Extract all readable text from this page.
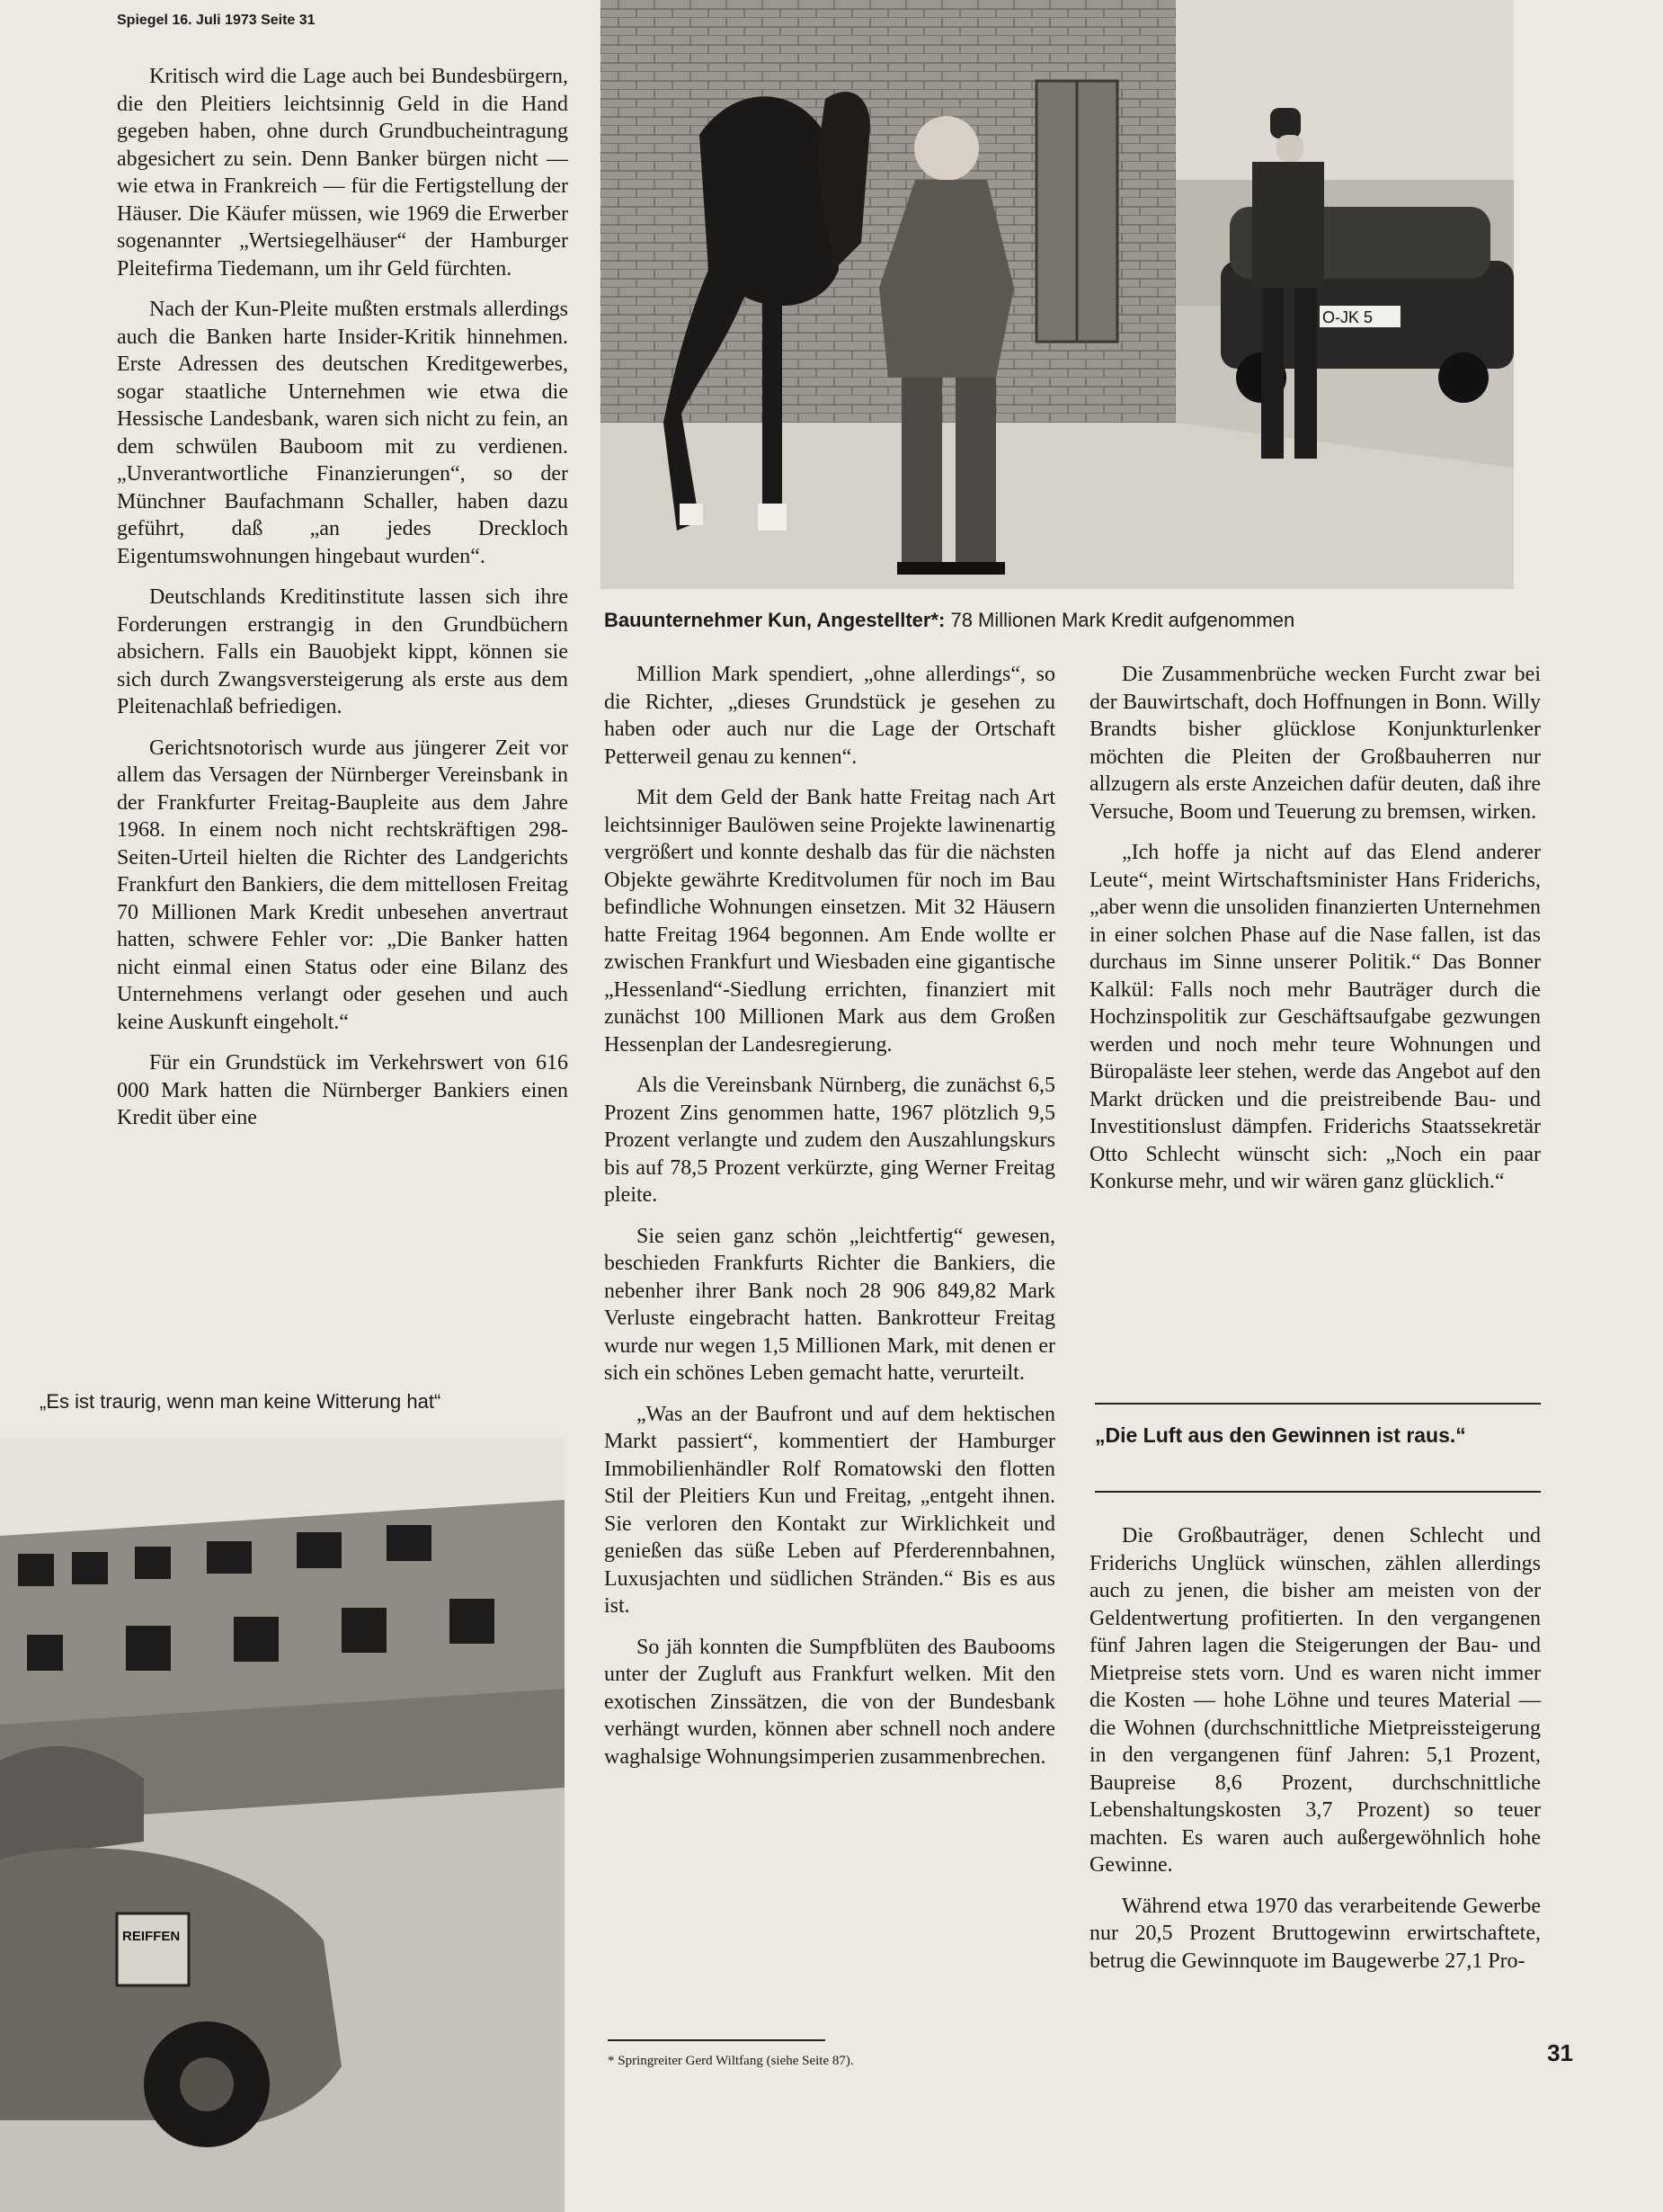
Spiegel 16. Juli 1973 Seite 31
O-JK 5
Bauunternehmer Kun, Angestellter*: 78 Millionen Mark Kredit aufgenommen

Kritisch wird die Lage auch bei Bundesbürgern, die den Pleitiers leichtsinnig Geld in die Hand gegeben haben, ohne durch Grundbucheintragung abgesichert zu sein. Denn Banker bürgen nicht — wie etwa in Frankreich — für die Fertigstellung der Häuser. Die Käufer müssen, wie 1969 die Erwerber sogenannter „Wertsiegelhäuser“ der Hamburger Pleitefirma Tiedemann, um ihr Geld fürchten.

Nach der Kun-Pleite mußten erstmals allerdings auch die Banken harte Insider-Kritik hinnehmen. Erste Adressen des deutschen Kreditgewerbes, sogar staatliche Unternehmen wie etwa die Hessische Landesbank, waren sich nicht zu fein, an dem schwülen Bauboom mit zu verdienen. „Unverantwortliche Finanzierungen“, so der Münchner Baufachmann Schaller, haben dazu geführt, daß „an jedes Dreckloch Eigentumswohnungen hingebaut wurden“.

Deutschlands Kreditinstitute lassen sich ihre Forderungen erstrangig in den Grundbüchern absichern. Falls ein Bauobjekt kippt, können sie sich durch Zwangsversteigerung als erste aus dem Pleitenachlaß befriedigen.

Gerichtsnotorisch wurde aus jüngerer Zeit vor allem das Versagen der Nürnberger Vereinsbank in der Frankfurter Freitag-Baupleite aus dem Jahre 1968. In einem noch nicht rechtskräftigen 298-Seiten-Urteil hielten die Richter des Landgerichts Frankfurt den Bankiers, die dem mittellosen Freitag 70 Millionen Mark Kredit unbesehen anvertraut hatten, schwere Fehler vor: „Die Banker hatten nicht einmal einen Status oder eine Bilanz des Unternehmens verlangt oder gesehen und auch keine Auskunft eingeholt.“

Für ein Grundstück im Verkehrswert von 616 000 Mark hatten die Nürnberger Bankiers einen Kredit über eine

„Es ist traurig, wenn man keine Witterung hat“
REIFFEN

Million Mark spendiert, „ohne allerdings“, so die Richter, „dieses Grundstück je gesehen zu haben oder auch nur die Lage der Ortschaft Petterweil genau zu kennen“.

Mit dem Geld der Bank hatte Freitag nach Art leichtsinniger Baulöwen seine Projekte lawinenartig vergrößert und konnte deshalb das für die nächsten Objekte gewährte Kreditvolumen für noch im Bau befindliche Wohnungen einsetzen. Mit 32 Häusern hatte Freitag 1964 begonnen. Am Ende wollte er zwischen Frankfurt und Wiesbaden eine gigantische „Hessenland“-Siedlung errichten, finanziert mit zunächst 100 Millionen Mark aus dem Großen Hessenplan der Landesregierung.

Als die Vereinsbank Nürnberg, die zunächst 6,5 Prozent Zins genommen hatte, 1967 plötzlich 9,5 Prozent verlangte und zudem den Auszahlungskurs bis auf 78,5 Prozent verkürzte, ging Werner Freitag pleite.

Sie seien ganz schön „leichtfertig“ gewesen, beschieden Frankfurts Richter die Bankiers, die nebenher ihrer Bank noch 28 906 849,82 Mark Verluste eingebracht hatten. Bankrotteur Freitag wurde nur wegen 1,5 Millionen Mark, mit denen er sich ein schönes Leben gemacht hatte, verurteilt.

„Was an der Baufront und auf dem hektischen Markt passiert“, kommentiert der Hamburger Immobilienhändler Rolf Romatowski den flotten Stil der Pleitiers Kun und Freitag, „entgeht ihnen. Sie verloren den Kontakt zur Wirklichkeit und genießen das süße Leben auf Pferderennbahnen, Luxusjachten und südlichen Stränden.“ Bis es aus ist.

So jäh konnten die Sumpfblüten des Baubooms unter der Zugluft aus Frankfurt welken. Mit den exotischen Zinssätzen, die von der Bundesbank verhängt wurden, können aber schnell noch andere waghalsige Wohnungsimperien zusammenbrechen.

* Springreiter Gerd Wiltfang (siehe Seite 87).

Die Zusammenbrüche wecken Furcht zwar bei der Bauwirtschaft, doch Hoffnungen in Bonn. Willy Brandts bisher glücklose Konjunkturlenker möchten die Pleiten der Großbauherren nur allzugern als erste Anzeichen dafür deuten, daß ihre Versuche, Boom und Teuerung zu bremsen, wirken.

„Ich hoffe ja nicht auf das Elend anderer Leute“, meint Wirtschaftsminister Hans Friderichs, „aber wenn die unsoliden finanzierten Unternehmen in einer solchen Phase auf die Nase fallen, ist das durchaus im Sinne unserer Politik.“ Das Bonner Kalkül: Falls noch mehr Bauträger durch die Hochzinspolitik zur Geschäftsaufgabe gezwungen werden und noch mehr teure Wohnungen und Büropaläste leer stehen, werde das Angebot auf den Markt drücken und die preistreibende Bau- und Investitionslust dämpfen. Friderichs Staatssekretär Otto Schlecht wünscht sich: „Noch ein paar Konkurse mehr, und wir wären ganz glücklich.“

„Die Luft aus den Gewinnen ist raus.“

Die Großbauträger, denen Schlecht und Friderichs Unglück wünschen, zählen allerdings auch zu jenen, die bisher am meisten von der Geldentwertung profitierten. In den vergangenen fünf Jahren lagen die Steigerungen der Bau- und Mietpreise stets vorn. Und es waren nicht immer die Kosten — hohe Löhne und teures Material — die Wohnen (durchschnittliche Mietpreissteigerung in den vergangenen fünf Jahren: 5,1 Prozent, Baupreise 8,6 Prozent, durchschnittliche Lebenshaltungskosten 3,7 Prozent) so teuer machten. Es waren auch außergewöhnlich hohe Gewinne.

Während etwa 1970 das verarbeitende Gewerbe nur 20,5 Prozent Bruttogewinn erwirtschaftete, betrug die Gewinnquote im Baugewerbe 27,1 Pro-

31
